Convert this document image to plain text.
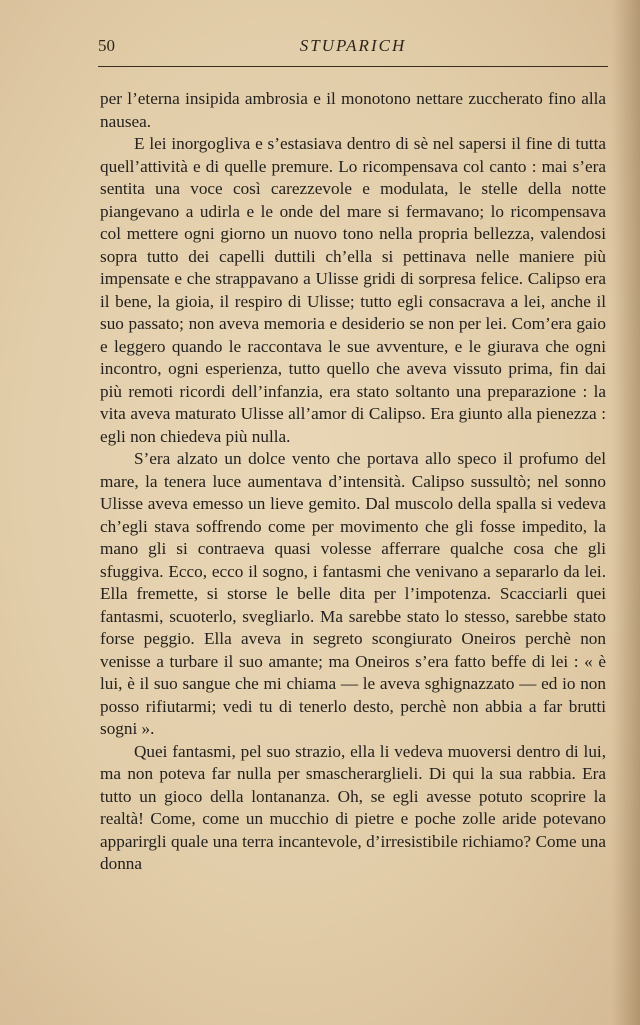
50	STUPARICH

per l’eterna insipida ambrosia e il monotono nettare zuccherato fino alla nausea.

E lei inorgogliva e s’estasiava dentro di sè nel sapersi il fine di tutta quell’attività e di quelle premure. Lo ricompensava col canto : mai s’era sentita una voce così carezzevole e modulata, le stelle della notte piangevano a udirla e le onde del mare si fermavano; lo ricompensava col mettere ogni giorno un nuovo tono nella propria bellezza, valendosi sopra tutto dei capelli duttili ch’ella si pettinava nelle maniere più impensate e che strappavano a Ulisse gridi di sorpresa felice. Calipso era il bene, la gioia, il respiro di Ulisse; tutto egli consacrava a lei, anche il suo passato; non aveva memoria e desiderio se non per lei. Com’era gaio e leggero quando le raccontava le sue avventure, e le giurava che ogni incontro, ogni esperienza, tutto quello che aveva vissuto prima, fin dai più remoti ricordi dell’infanzia, era stato soltanto una preparazione : la vita aveva maturato Ulisse all’amor di Calipso. Era giunto alla pienezza : egli non chiedeva più nulla.

S’era alzato un dolce vento che portava allo speco il profumo del mare, la tenera luce aumentava d’intensità. Calipso sussultò; nel sonno Ulisse aveva emesso un lieve gemito. Dal muscolo della spalla si vedeva ch’egli stava soffrendo come per movimento che gli fosse impedito, la mano gli si contraeva quasi volesse afferrare qualche cosa che gli sfuggiva. Ecco, ecco il sogno, i fantasmi che venivano a separarlo da lei. Ella fremette, si storse le belle dita per l’impotenza. Scacciarli quei fantasmi, scuoterlo, svegliarlo. Ma sarebbe stato lo stesso, sarebbe stato forse peggio. Ella aveva in segreto scongiurato Oneiros perchè non venisse a turbare il suo amante; ma Oneiros s’era fatto beffe di lei : « è lui, è il suo sangue che mi chiama — le aveva sghignazzato — ed io non posso rifiutarmi; vedi tu di tenerlo desto, perchè non abbia a far brutti sogni ».

Quei fantasmi, pel suo strazio, ella li vedeva muoversi dentro di lui, ma non poteva far nulla per smascherarglieli. Di qui la sua rabbia. Era tutto un gioco della lontananza. Oh, se egli avesse potuto scoprire la realtà! Come, come un mucchio di pietre e poche zolle aride potevano apparirgli quale una terra incantevole, d’irresistibile richiamo? Come una donna
